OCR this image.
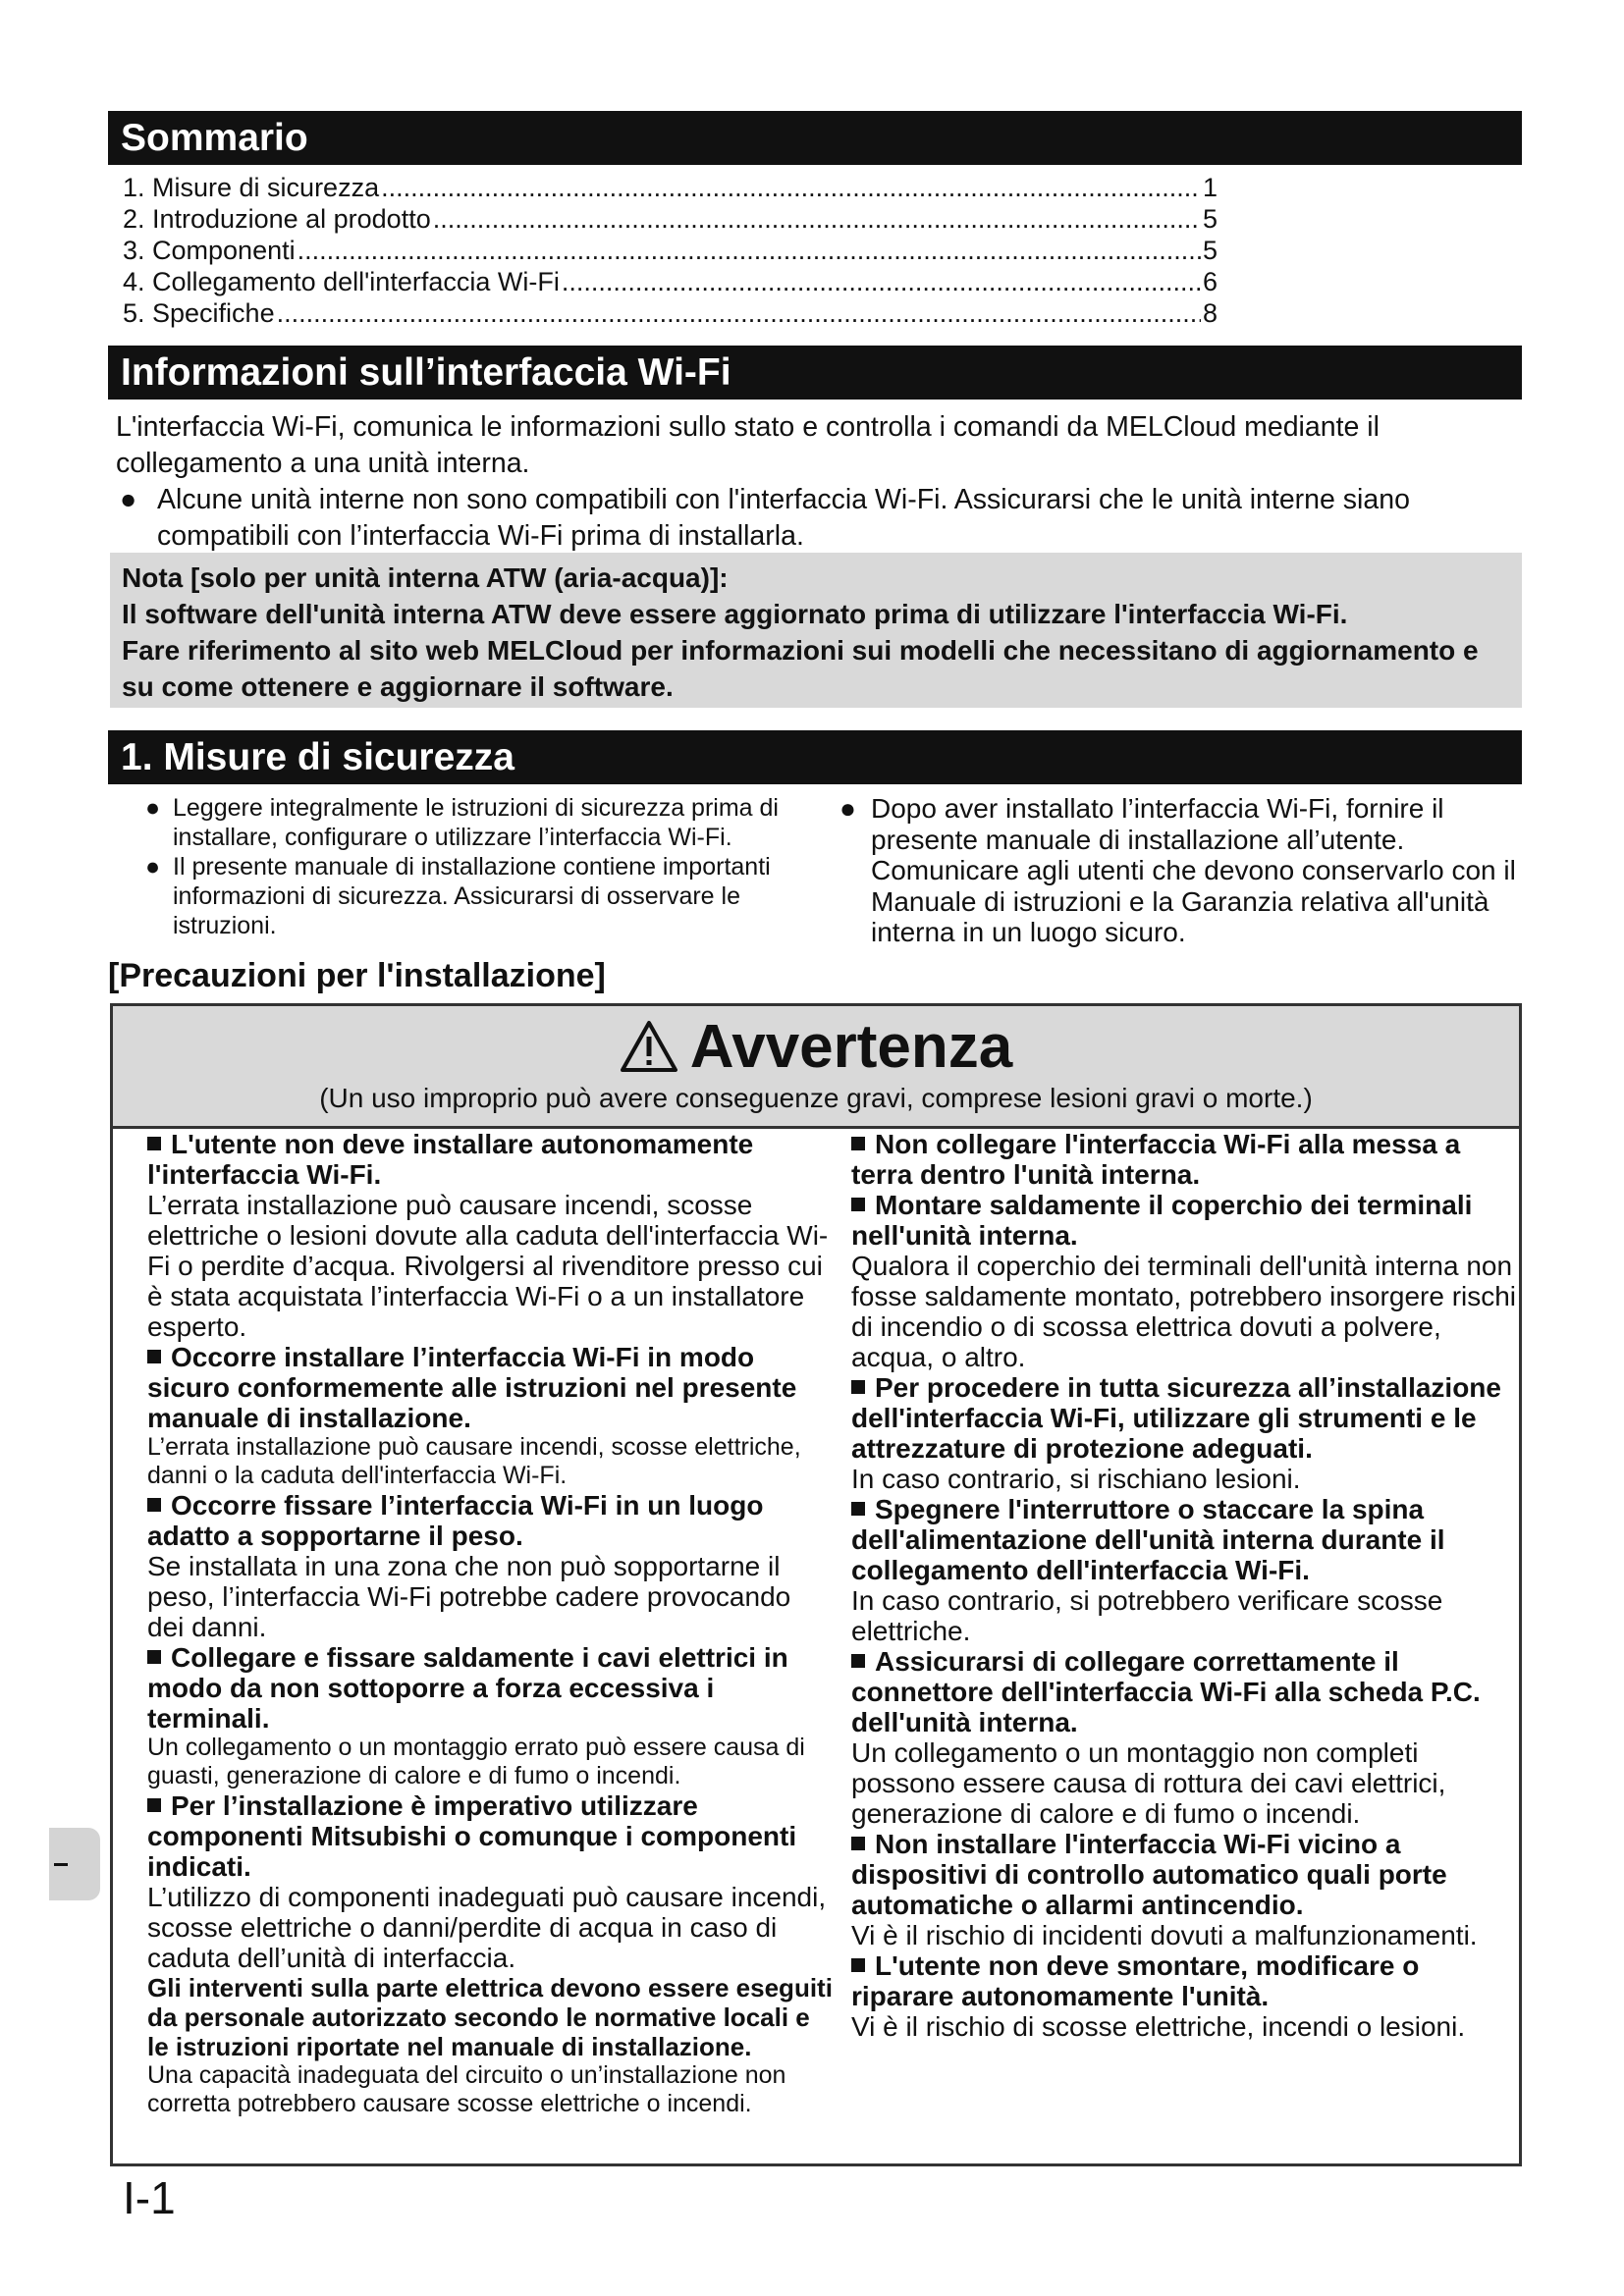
Sommario
1. Misure di sicurezza .....	1
2. Introduzione al prodotto .....	5
3. Componenti .....	5
4. Collegamento dell'interfaccia Wi-Fi .....	6
5. Specifiche .....	8
Informazioni sull’interfaccia Wi-Fi

L'interfaccia Wi-Fi, comunica le informazioni sullo stato e controlla i comandi da MELCloud mediante il collegamento a una unità interna.

● Alcune unità interne non sono compatibili con l'interfaccia Wi-Fi. Assicurarsi che le unità interne siano compatibili con l’interfaccia Wi-Fi prima di installarla.

Nota [solo per unità interna ATW (aria-acqua)]:

Il software dell'unità interna ATW deve essere aggiornato prima di utilizzare l'interfaccia Wi-Fi.

Fare riferimento al sito web MELCloud per informazioni sui modelli che necessitano di aggiornamento e su come ottenere e aggiornare il software.

1. Misure di sicurezza
● Leggere integralmente le istruzioni di sicurezza prima di installare, configurare o utilizzare l’interfaccia Wi-Fi.
● Il presente manuale di installazione contiene importanti informazioni di sicurezza. Assicurarsi di osservare le istruzioni.
● Dopo aver installato l’interfaccia Wi-Fi, fornire il presente manuale di installazione all’utente. Comunicare agli utenti che devono conservarlo con il Manuale di istruzioni e la Garanzia relativa all'unità interna in un luogo sicuro.
[Precauzioni per l'installazione]
Avvertenza
(Un uso improprio può avere conseguenze gravi, comprese lesioni gravi o morte.)
L'utente non deve installare autonomamente l'interfaccia Wi-Fi.
L’errata installazione può causare incendi, scosse elettriche o lesioni dovute alla caduta dell'interfaccia Wi-Fi o perdite d’acqua. Rivolgersi al rivenditore presso cui è stata acquistata l’interfaccia Wi-Fi o a un installatore esperto.
Occorre installare l’interfaccia Wi-Fi in modo sicuro conformemente alle istruzioni nel presente manuale di installazione.
L’errata installazione può causare incendi, scosse elettriche, danni o la caduta dell'interfaccia Wi-Fi.
Occorre fissare l’interfaccia Wi-Fi in un luogo adatto a sopportarne il peso.
Se installata in una zona che non può sopportarne il peso, l’interfaccia Wi-Fi potrebbe cadere provocando dei danni.
Collegare e fissare saldamente i cavi elettrici in modo da non sottoporre a forza eccessiva i terminali.
Un collegamento o un montaggio errato può essere causa di guasti, generazione di calore e di fumo o incendi.
Per l’installazione è imperativo utilizzare componenti Mitsubishi o comunque i componenti indicati.
L’utilizzo di componenti inadeguati può causare incendi, scosse elettriche o danni/perdite di acqua in caso di caduta dell’unità di interfaccia.
Gli interventi sulla parte elettrica devono essere eseguiti da personale autorizzato secondo le normative locali e le istruzioni riportate nel manuale di installazione.
Una capacità inadeguata del circuito o un’installazione non corretta potrebbero causare scosse elettriche o incendi.
Non collegare l'interfaccia Wi-Fi alla messa a terra dentro l'unità interna.
Montare saldamente il coperchio dei terminali nell'unità interna.
Qualora il coperchio dei terminali dell'unità interna non fosse saldamente montato, potrebbero insorgere rischi di incendio o di scossa elettrica dovuti a polvere, acqua, o altro.
Per procedere in tutta sicurezza all’installazione dell'interfaccia Wi-Fi, utilizzare gli strumenti e le attrezzature di protezione adeguati.
In caso contrario, si rischiano lesioni.
Spegnere l'interruttore o staccare la spina dell'alimentazione dell'unità interna durante il collegamento dell'interfaccia Wi-Fi.
In caso contrario, si potrebbero verificare scosse elettriche.
Assicurarsi di collegare correttamente il connettore dell'interfaccia Wi-Fi alla scheda P.C. dell'unità interna.
Un collegamento o un montaggio non completi possono essere causa di rottura dei cavi elettrici, generazione di calore e di fumo o incendi.
Non installare l'interfaccia Wi-Fi vicino a dispositivi di controllo automatico quali porte automatiche o allarmi antincendio.
Vi è il rischio di incidenti dovuti a malfunzionamenti.
L'utente non deve smontare, modificare o riparare autonomamente l'unità.
Vi è il rischio di scosse elettriche, incendi o lesioni.
I-1
